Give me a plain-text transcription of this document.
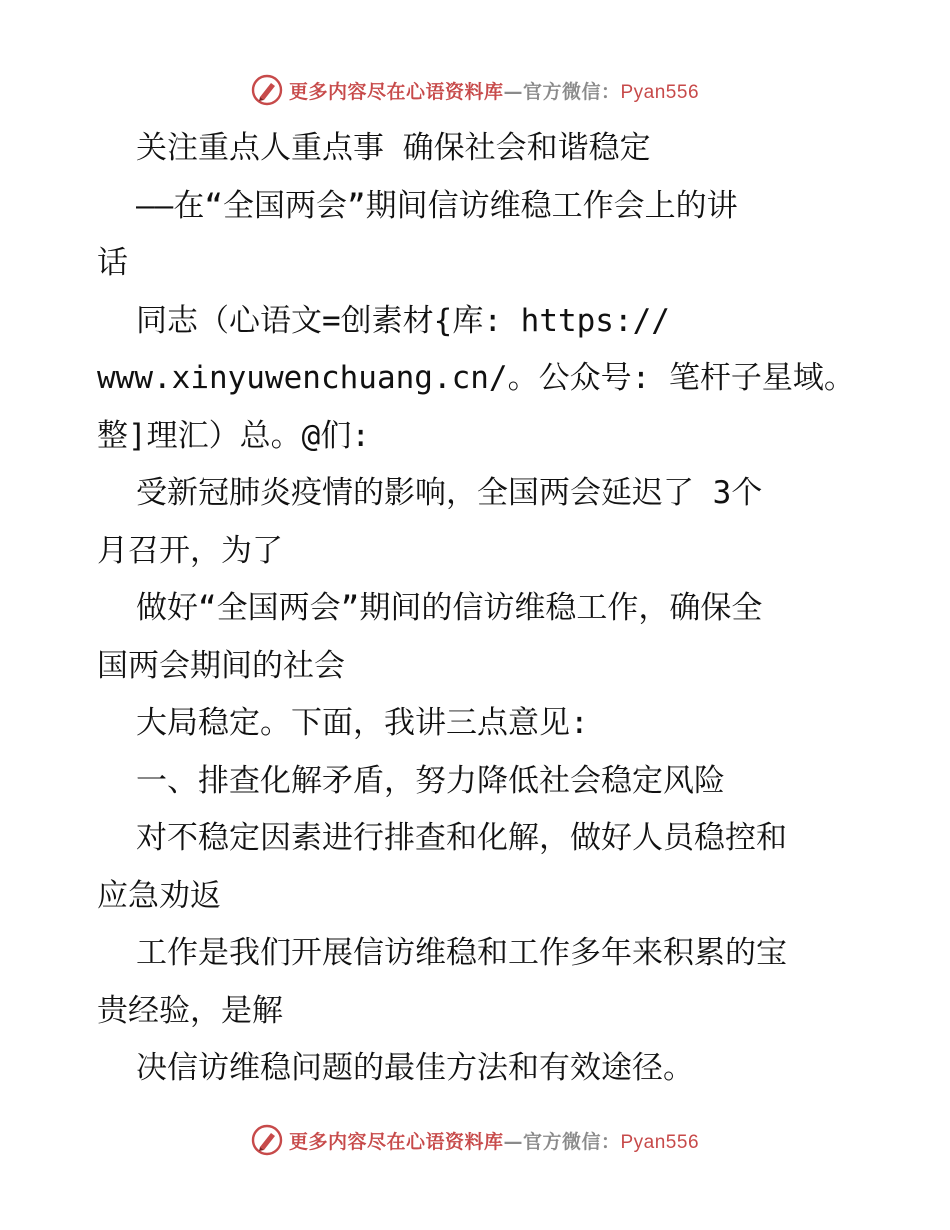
更多内容尽在心语资料库—官方微信：Pyan556
关注重点人重点事 确保社会和谐稳定
——在“全国两会”期间信访维稳工作会上的讲
话
同志（心语文=创素材{库: https://
www.xinyuwenchuang.cn/。公众号: 笔杆子星域。
整]理汇）总。@们:
受新冠肺炎疫情的影响，全国两会延迟了 3个
月召开，为了
做好“全国两会”期间的信访维稳工作，确保全
国两会期间的社会
大局稳定。下面，我讲三点意见:
一、排查化解矛盾，努力降低社会稳定风险
对不稳定因素进行排查和化解，做好人员稳控和
应急劝返
工作是我们开展信访维稳和工作多年来积累的宝
贵经验，是解
决信访维稳问题的最佳方法和有效途径。
更多内容尽在心语资料库—官方微信：Pyan556
